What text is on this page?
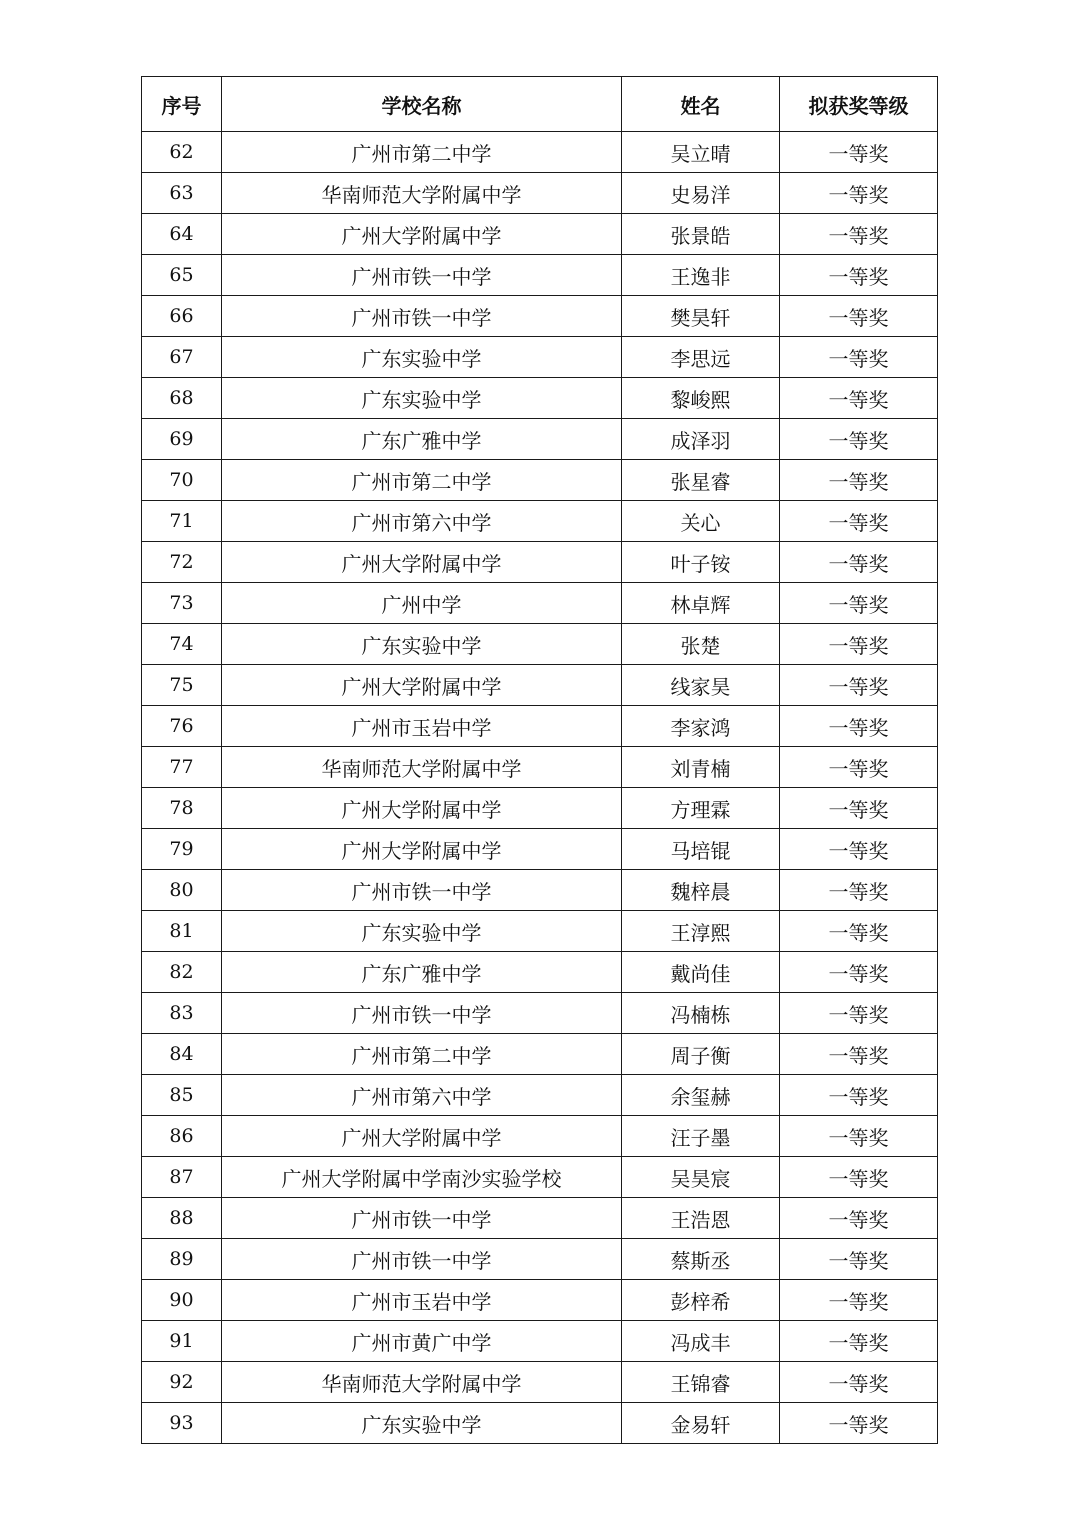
序号	学校名称	姓名	拟获奖等级
62	广州市第二中学	吴立晴	一等奖
63	华南师范大学附属中学	史易洋	一等奖
64	广州大学附属中学	张景皓	一等奖
65	广州市铁一中学	王逸非	一等奖
66	广州市铁一中学	樊昊轩	一等奖
67	广东实验中学	李思远	一等奖
68	广东实验中学	黎峻熙	一等奖
69	广东广雅中学	成泽羽	一等奖
70	广州市第二中学	张星睿	一等奖
71	广州市第六中学	关心	一等奖
72	广州大学附属中学	叶子铵	一等奖
73	广州中学	林卓辉	一等奖
74	广东实验中学	张楚	一等奖
75	广州大学附属中学	线家昊	一等奖
76	广州市玉岩中学	李家鸿	一等奖
77	华南师范大学附属中学	刘青楠	一等奖
78	广州大学附属中学	方理霖	一等奖
79	广州大学附属中学	马培锟	一等奖
80	广州市铁一中学	魏梓晨	一等奖
81	广东实验中学	王淳熙	一等奖
82	广东广雅中学	戴尚佳	一等奖
83	广州市铁一中学	冯楠栋	一等奖
84	广州市第二中学	周子衡	一等奖
85	广州市第六中学	余玺赫	一等奖
86	广州大学附属中学	汪子墨	一等奖
87	广州大学附属中学南沙实验学校	吴昊宸	一等奖
88	广州市铁一中学	王浩恩	一等奖
89	广州市铁一中学	蔡斯丞	一等奖
90	广州市玉岩中学	彭梓希	一等奖
91	广州市黄广中学	冯成丰	一等奖
92	华南师范大学附属中学	王锦睿	一等奖
93	广东实验中学	金易轩	一等奖
